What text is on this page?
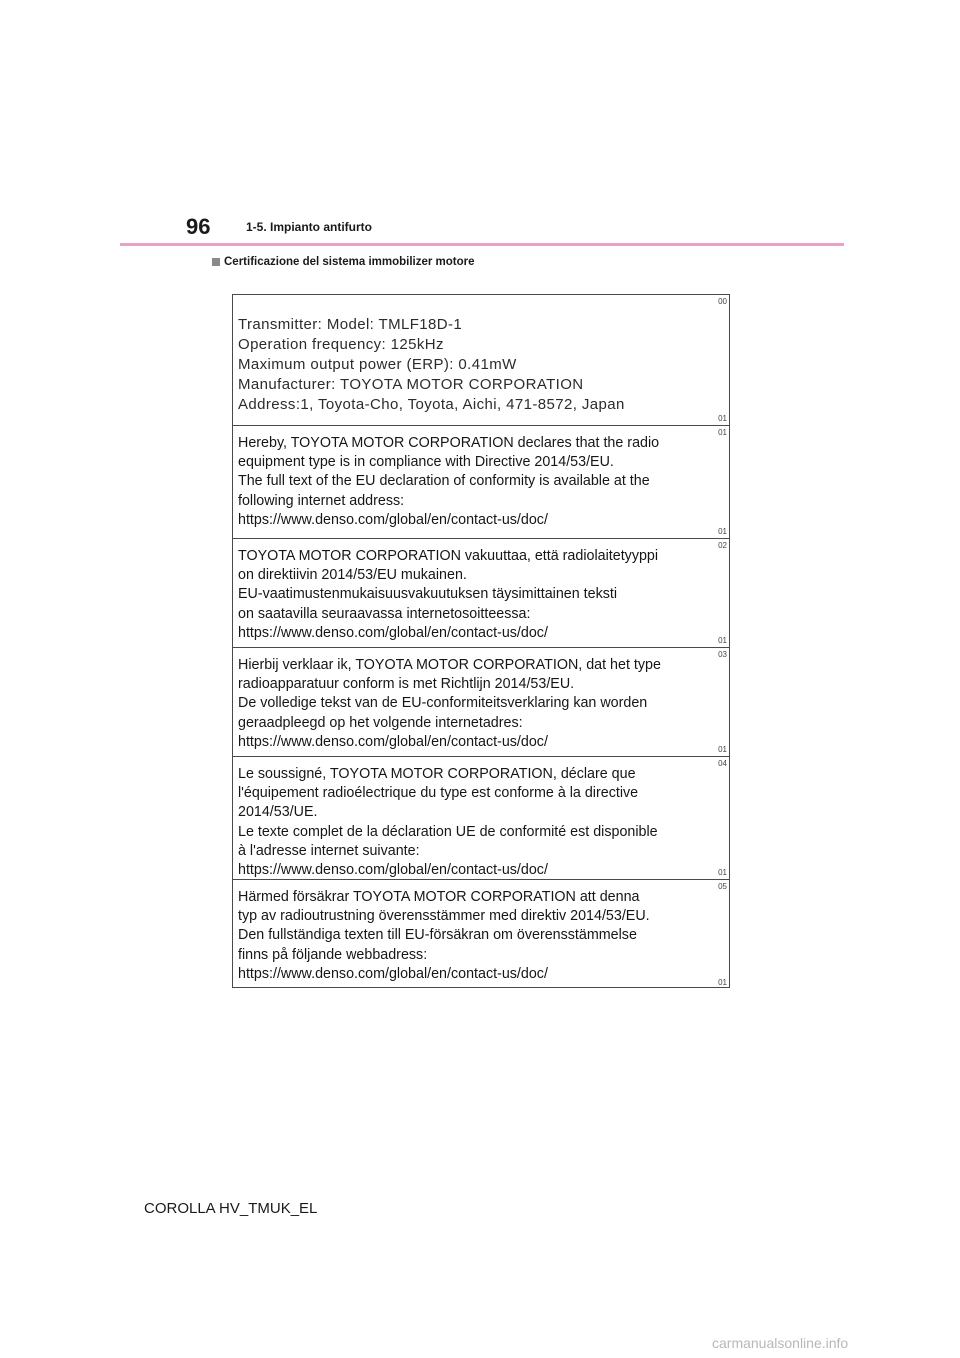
96	1-5. Impianto antifurto
Certificazione del sistema immobilizer motore
00
Transmitter: Model: TMLF18D-1
Operation frequency: 125kHz
Maximum output power (ERP): 0.41mW
Manufacturer: TOYOTA MOTOR CORPORATION
Address:1, Toyota-Cho, Toyota, Aichi, 471-8572, Japan
01
01
Hereby, TOYOTA MOTOR CORPORATION declares that the radio
equipment type is in compliance with Directive 2014/53/EU.
The full text of the EU declaration of conformity is available at the
following internet address:
https://www.denso.com/global/en/contact-us/doc/
01
02
TOYOTA MOTOR CORPORATION vakuuttaa, että radiolaitetyyppi
on direktiivin 2014/53/EU mukainen.
EU-vaatimustenmukaisuusvakuutuksen täysimittainen teksti
on saatavilla seuraavassa internetosoitteessa:
https://www.denso.com/global/en/contact-us/doc/	01
03
Hierbij verklaar ik, TOYOTA MOTOR CORPORATION, dat het type
radioapparatuur conform is met Richtlijn 2014/53/EU.
De volledige tekst van de EU-conformiteitsverklaring kan worden
geraadpleegd op het volgende internetadres:
https://www.denso.com/global/en/contact-us/doc/	01
04
Le soussigné, TOYOTA MOTOR CORPORATION, déclare que
l'équipement radioélectrique du type est conforme à la directive
2014/53/UE.
Le texte complet de la déclaration UE de conformité est disponible
à l'adresse internet suivante:
https://www.denso.com/global/en/contact-us/doc/	01
05
Härmed försäkrar TOYOTA MOTOR CORPORATION att denna
typ av radioutrustning överensstämmer med direktiv 2014/53/EU.
Den fullständiga texten till EU-försäkran om överensstämmelse
finns på följande webbadress:
https://www.denso.com/global/en/contact-us/doc/
01
COROLLA HV_TMUK_EL
carmanualsonline.info
